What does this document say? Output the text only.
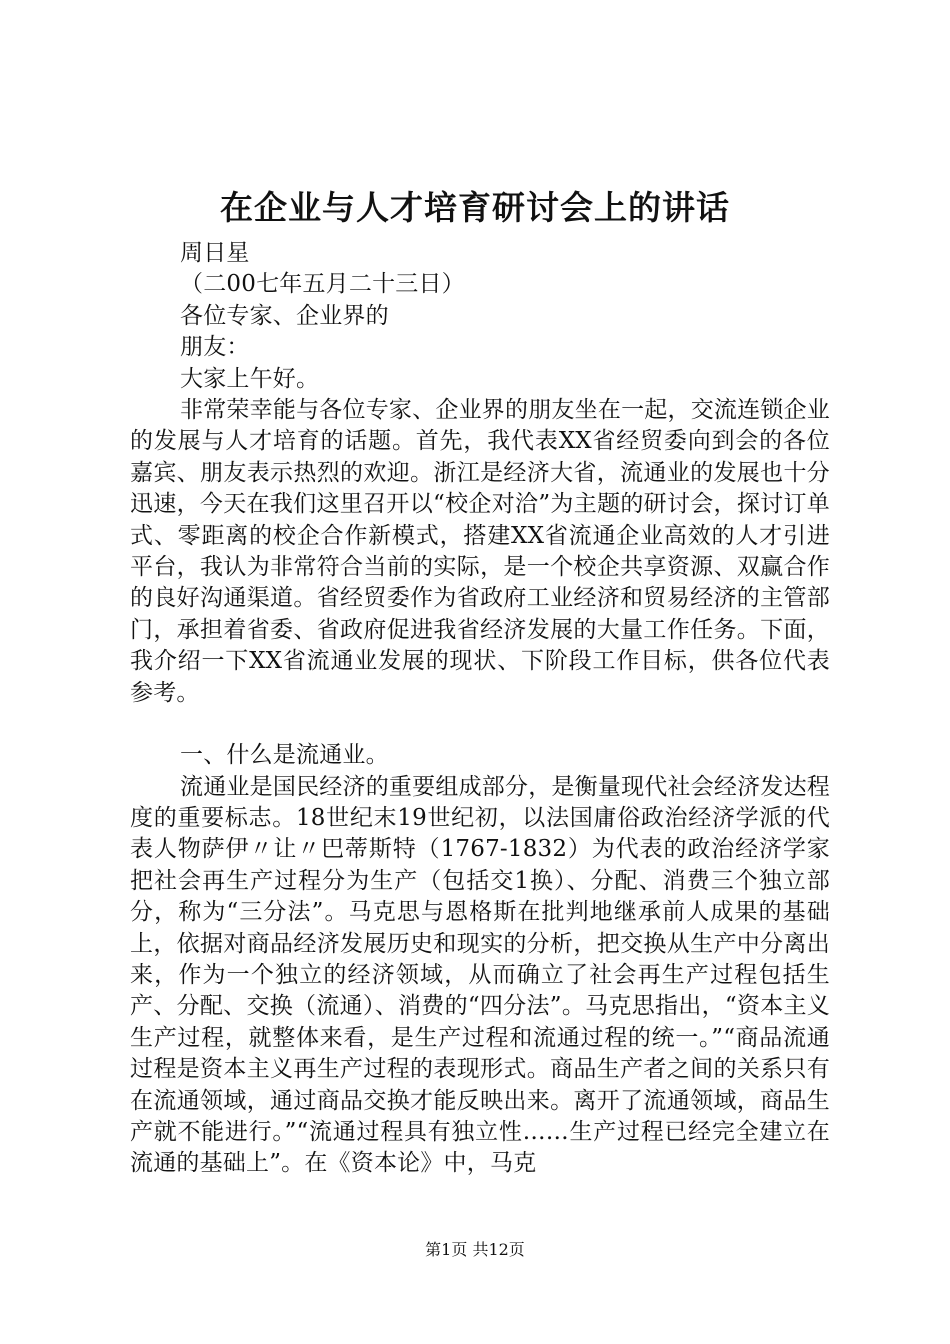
在企业与人才培育研讨会上的讲话

周日星

（二00七年五月二十三日）

各位专家、企业界的

朋友：

大家上午好。

非常荣幸能与各位专家、企业界的朋友坐在一起，交流连锁企业的发展与人才培育的话题。首先，我代表XX省经贸委向到会的各位嘉宾、朋友表示热烈的欢迎。浙江是经济大省，流通业的发展也十分迅速，今天在我们这里召开以“校企对洽”为主题的研讨会，探讨订单式、零距离的校企合作新模式，搭建XX省流通企业高效的人才引进平台，我认为非常符合当前的实际，是一个校企共享资源、双赢合作的良好沟通渠道。省经贸委作为省政府工业经济和贸易经济的主管部门，承担着省委、省政府促进我省经济发展的大量工作任务。下面，我介绍一下XX省流通业发展的现状、下阶段工作目标，供各位代表参考。

一、什么是流通业。

流通业是国民经济的重要组成部分，是衡量现代社会经济发达程度的重要标志。18世纪末19世纪初，以法国庸俗政治经济学派的代表人物萨伊〃让〃巴蒂斯特（1767-1832）为代表的政治经济学家把社会再生产过程分为生产（包括交1换）、分配、消费三个独立部分，称为“三分法”。马克思与恩格斯在批判地继承前人成果的基础上，依据对商品经济发展历史和现实的分析，把交换从生产中分离出来，作为一个独立的经济领域，从而确立了社会再生产过程包括生产、分配、交换（流通）、消费的“四分法”。马克思指出，“资本主义生产过程，就整体来看，是生产过程和流通过程的统一。”“商品流通过程是资本主义再生产过程的表现形式。商品生产者之间的关系只有在流通领域，通过商品交换才能反映出来。离开了流通领域，商品生产就不能进行。”“流通过程具有独立性……生产过程已经完全建立在流通的基础上”。在《资本论》中，马克

第1页 共12页
